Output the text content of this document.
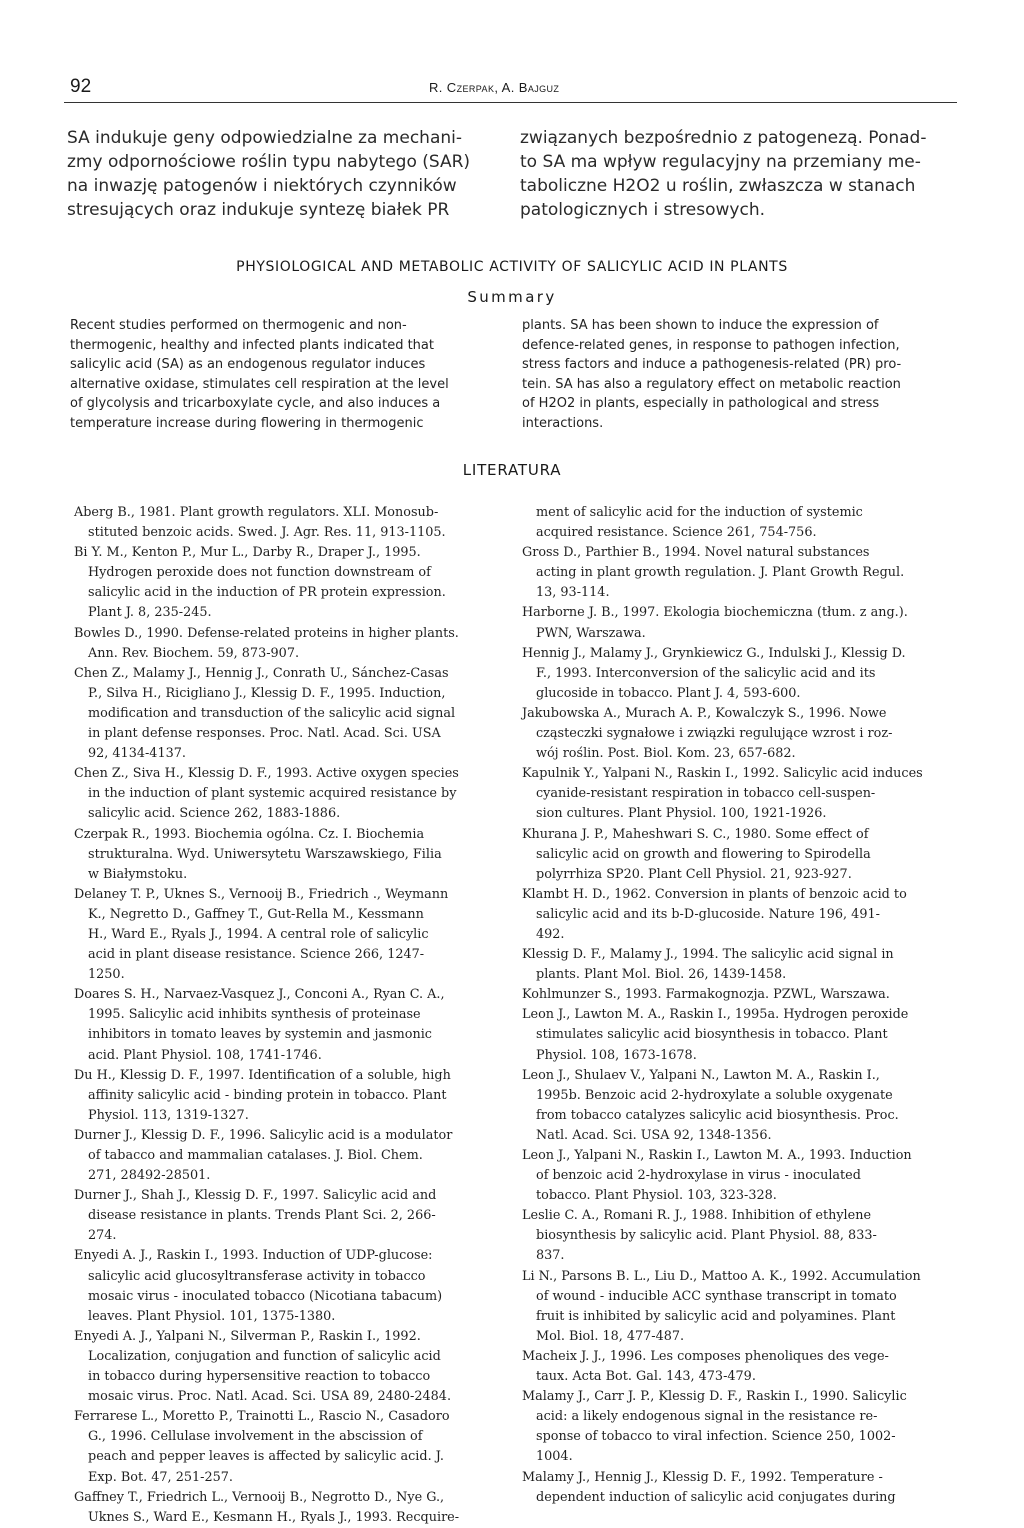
92	R. Czerpak, A. Bajguz
SA indukuje geny odpowiedzialne za mechani-
zmy odpornościowe roślin typu nabytego (SAR)
na inwazję patogenów i niektórych czynników
stresujących oraz indukuje syntezę białek PR
związanych bezpośrednio z patogenezą. Ponad-
to SA ma wpływ regulacyjny na przemiany me-
taboliczne H2O2 u roślin, zwłaszcza w stanach
patologicznych i stresowych.
PHYSIOLOGICAL AND METABOLIC ACTIVITY OF SALICYLIC ACID IN PLANTS
Summary
Recent studies performed on thermogenic and non-
thermogenic, healthy and infected plants indicated that
salicylic acid (SA) as an endogenous regulator induces
alternative oxidase, stimulates cell respiration at the level
of glycolysis and tricarboxylate cycle, and also induces a
temperature increase during flowering in thermogenic
plants. SA has been shown to induce the expression of
defence-related genes, in response to pathogen infection,
stress factors and induce a pathogenesis-related (PR) pro-
tein. SA has also a regulatory effect on metabolic reaction
of H2O2 in plants, especially in pathological and stress
interactions.
LITERATURA
Aberg B., 1981. Plant growth regulators. XLI. Monosub-
stituted benzoic acids. Swed. J. Agr. Res. 11, 913-1105.
Bi Y. M., Kenton P., Mur L., Darby R., Draper J., 1995.
Hydrogen peroxide does not function downstream of
salicylic acid in the induction of PR protein expression.
Plant J. 8, 235-245.
Bowles D., 1990. Defense-related proteins in higher plants.
Ann. Rev. Biochem. 59, 873-907.
Chen Z., Malamy J., Hennig J., Conrath U., Sánchez-Casas
P., Silva H., Ricigliano J., Klessig D. F., 1995. Induction,
modification and transduction of the salicylic acid signal
in plant defense responses. Proc. Natl. Acad. Sci. USA
92, 4134-4137.
Chen Z., Siva H., Klessig D. F., 1993. Active oxygen species
in the induction of plant systemic acquired resistance by
salicylic acid. Science 262, 1883-1886.
Czerpak R., 1993. Biochemia ogólna. Cz. I. Biochemia
strukturalna. Wyd. Uniwersytetu Warszawskiego, Filia
w Białymstoku.
Delaney T. P., Uknes S., Vernooij B., Friedrich ., Weymann
K., Negretto D., Gaffney T., Gut-Rella M., Kessmann
H., Ward E., Ryals J., 1994. A central role of salicylic
acid in plant disease resistance. Science 266, 1247-
1250.
Doares S. H., Narvaez-Vasquez J., Conconi A., Ryan C. A.,
1995. Salicylic acid inhibits synthesis of proteinase
inhibitors in tomato leaves by systemin and jasmonic
acid. Plant Physiol. 108, 1741-1746.
Du H., Klessig D. F., 1997. Identification of a soluble, high
affinity salicylic acid - binding protein in tobacco. Plant
Physiol. 113, 1319-1327.
Durner J., Klessig D. F., 1996. Salicylic acid is a modulator
of tabacco and mammalian catalases. J. Biol. Chem.
271, 28492-28501.
Durner J., Shah J., Klessig D. F., 1997. Salicylic acid and
disease resistance in plants. Trends Plant Sci. 2, 266-
274.
Enyedi A. J., Raskin I., 1993. Induction of UDP-glucose:
salicylic acid glucosyltransferase activity in tobacco
mosaic virus - inoculated tobacco (Nicotiana tabacum)
leaves. Plant Physiol. 101, 1375-1380.
Enyedi A. J., Yalpani N., Silverman P., Raskin I., 1992.
Localization, conjugation and function of salicylic acid
in tobacco during hypersensitive reaction to tobacco
mosaic virus. Proc. Natl. Acad. Sci. USA 89, 2480-2484.
Ferrarese L., Moretto P., Trainotti L., Rascio N., Casadoro
G., 1996. Cellulase involvement in the abscission of
peach and pepper leaves is affected by salicylic acid. J.
Exp. Bot. 47, 251-257.
Gaffney T., Friedrich L., Vernooij B., Negrotto D., Nye G.,
Uknes S., Ward E., Kesmann H., Ryals J., 1993. Recquire-
ment of salicylic acid for the induction of systemic
acquired resistance. Science 261, 754-756.
Gross D., Parthier B., 1994. Novel natural substances
acting in plant growth regulation. J. Plant Growth Regul.
13, 93-114.
Harborne J. B., 1997. Ekologia biochemiczna (tłum. z ang.).
PWN, Warszawa.
Hennig J., Malamy J., Grynkiewicz G., Indulski J., Klessig D.
F., 1993. Interconversion of the salicylic acid and its
glucoside in tobacco. Plant J. 4, 593-600.
Jakubowska A., Murach A. P., Kowalczyk S., 1996. Nowe
cząsteczki sygnałowe i związki regulujące wzrost i roz-
wój roślin. Post. Biol. Kom. 23, 657-682.
Kapulnik Y., Yalpani N., Raskin I., 1992. Salicylic acid induces
cyanide-resistant respiration in tobacco cell-suspen-
sion cultures. Plant Physiol. 100, 1921-1926.
Khurana J. P., Maheshwari S. C., 1980. Some effect of
salicylic acid on growth and flowering to Spirodella
polyrrhiza SP20. Plant Cell Physiol. 21, 923-927.
Klambt H. D., 1962. Conversion in plants of benzoic acid to
salicylic acid and its b-D-glucoside. Nature 196, 491-
492.
Klessig D. F., Malamy J., 1994. The salicylic acid signal in
plants. Plant Mol. Biol. 26, 1439-1458.
Kohlmunzer S., 1993. Farmakognozja. PZWL, Warszawa.
Leon J., Lawton M. A., Raskin I., 1995a. Hydrogen peroxide
stimulates salicylic acid biosynthesis in tobacco. Plant
Physiol. 108, 1673-1678.
Leon J., Shulaev V., Yalpani N., Lawton M. A., Raskin I.,
1995b. Benzoic acid 2-hydroxylate a soluble oxygenate
from tobacco catalyzes salicylic acid biosynthesis. Proc.
Natl. Acad. Sci. USA 92, 1348-1356.
Leon J., Yalpani N., Raskin I., Lawton M. A., 1993. Induction
of benzoic acid 2-hydroxylase in virus - inoculated
tobacco. Plant Physiol. 103, 323-328.
Leslie C. A., Romani R. J., 1988. Inhibition of ethylene
biosynthesis by salicylic acid. Plant Physiol. 88, 833-
837.
Li N., Parsons B. L., Liu D., Mattoo A. K., 1992. Accumulation
of wound - inducible ACC synthase transcript in tomato
fruit is inhibited by salicylic acid and polyamines. Plant
Mol. Biol. 18, 477-487.
Macheix J. J., 1996. Les composes phenoliques des vege-
taux. Acta Bot. Gal. 143, 473-479.
Malamy J., Carr J. P., Klessig D. F., Raskin I., 1990. Salicylic
acid: a likely endogenous signal in the resistance re-
sponse of tobacco to viral infection. Science 250, 1002-
1004.
Malamy J., Hennig J., Klessig D. F., 1992. Temperature -
dependent induction of salicylic acid conjugates during
